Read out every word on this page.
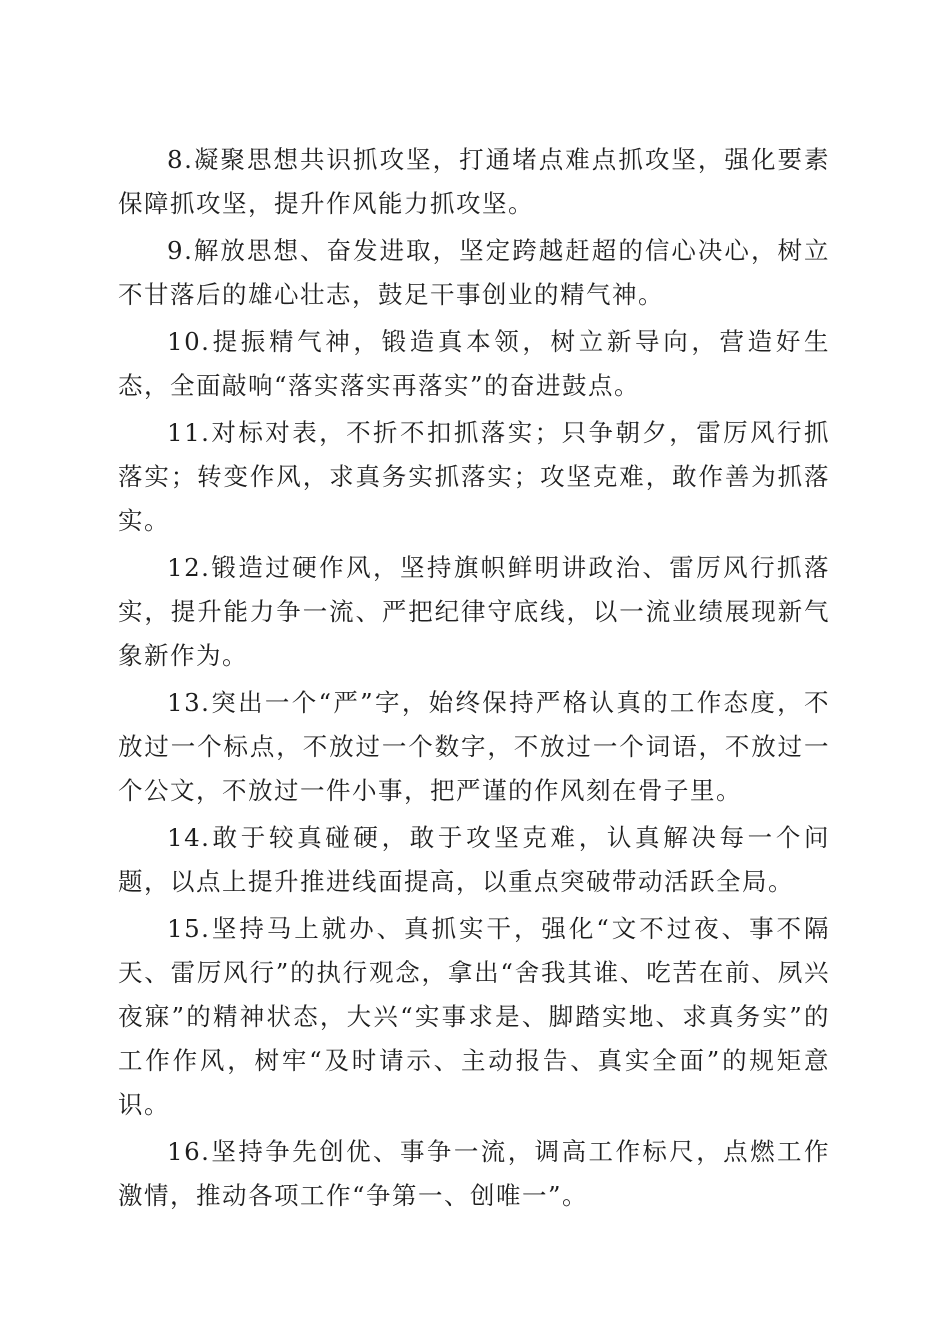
8.凝聚思想共识抓攻坚，打通堵点难点抓攻坚，强化要素保障抓攻坚，提升作风能力抓攻坚。

9.解放思想、奋发进取，坚定跨越赶超的信心决心，树立不甘落后的雄心壮志，鼓足干事创业的精气神。

10.提振精气神，锻造真本领，树立新导向，营造好生态，全面敲响“落实落实再落实”的奋进鼓点。

11.对标对表，不折不扣抓落实；只争朝夕，雷厉风行抓落实；转变作风，求真务实抓落实；攻坚克难，敢作善为抓落实。

12.锻造过硬作风，坚持旗帜鲜明讲政治、雷厉风行抓落实，提升能力争一流、严把纪律守底线，以一流业绩展现新气象新作为。

13.突出一个“严”字，始终保持严格认真的工作态度，不放过一个标点，不放过一个数字，不放过一个词语，不放过一个公文，不放过一件小事，把严谨的作风刻在骨子里。

14.敢于较真碰硬，敢于攻坚克难，认真解决每一个问题，以点上提升推进线面提高，以重点突破带动活跃全局。

15.坚持马上就办、真抓实干，强化“文不过夜、事不隔天、雷厉风行”的执行观念，拿出“舍我其谁、吃苦在前、夙兴夜寐”的精神状态，大兴“实事求是、脚踏实地、求真务实”的工作作风，树牢“及时请示、主动报告、真实全面”的规矩意识。

16.坚持争先创优、事争一流，调高工作标尺，点燃工作激情，推动各项工作“争第一、创唯一”。
